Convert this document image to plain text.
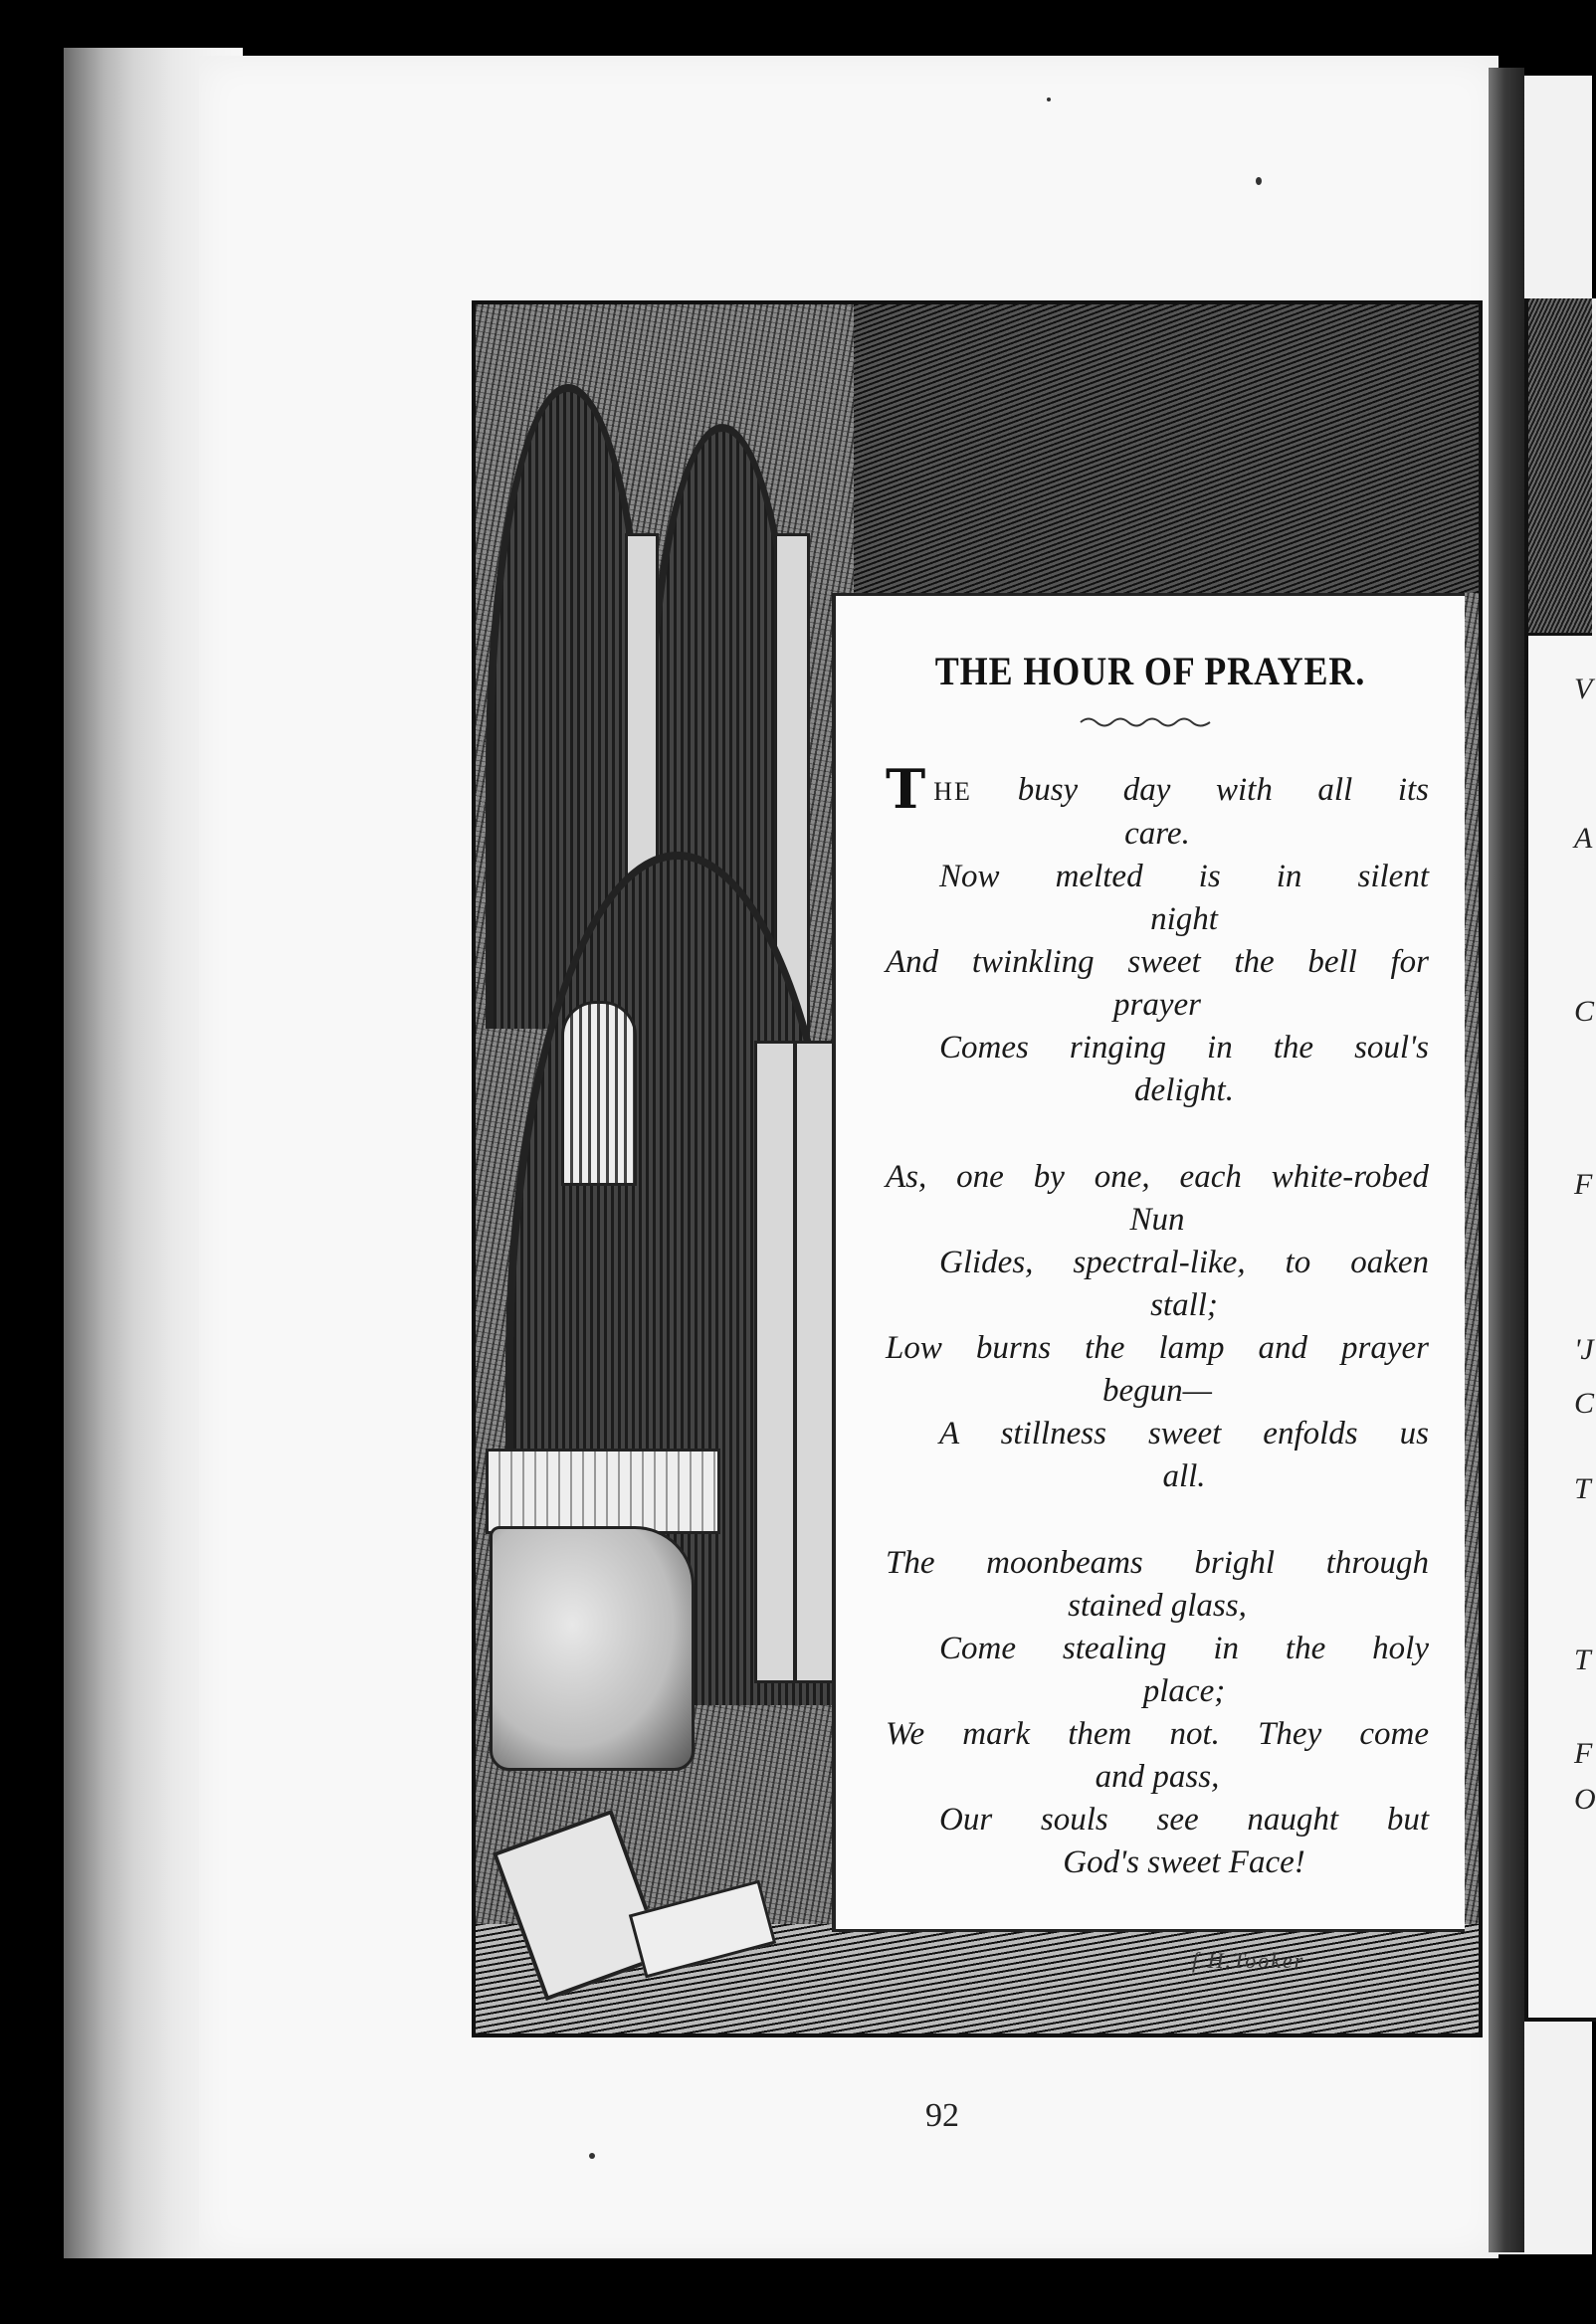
V
A
C
F
'J
C
T
T
F
O
ſ.H.Tooker
THE HOUR OF PRAYER.
THE busy day with all its
care.
Now melted is in silent
night
And twinkling sweet the bell for
prayer
Comes ringing in the soul's
delight.
As, one by one, each white-robed
Nun
Glides, spectral-like, to oaken
stall;
Low burns the lamp and prayer
begun—
A stillness sweet enfolds us
all.
The moonbeams brighl through
stained glass,
Come stealing in the holy
place;
We mark them not. They come
and pass,
Our souls see naught but
God's sweet Face!
92
